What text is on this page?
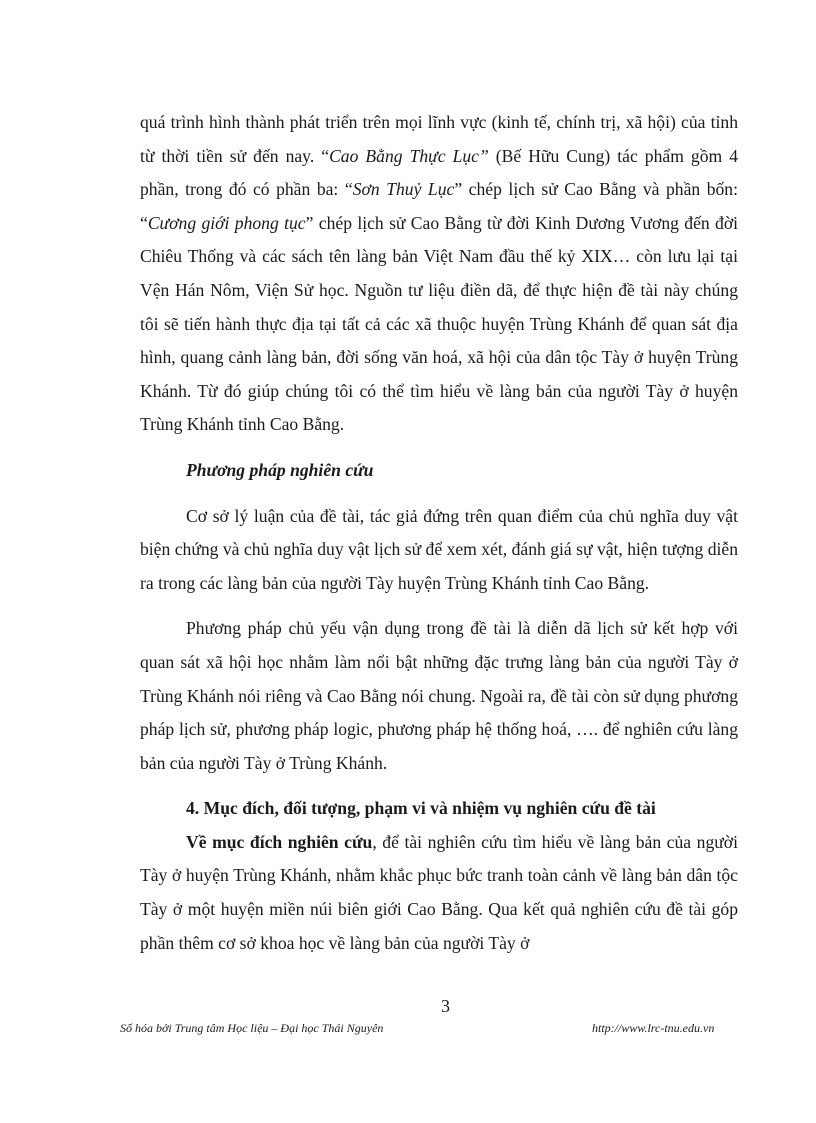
quá trình hình thành phát triển trên mọi lĩnh vực (kinh tế, chính trị, xã hội) của tỉnh từ thời tiền sử đến nay. “Cao Bằng Thực Lục” (Bế Hữu Cung) tác phẩm gồm 4 phần, trong đó có phần ba: “Sơn Thuỷ Lục” chép lịch sử Cao Bằng và phần bốn: “Cương giới phong tục” chép lịch sử Cao Bằng từ đời Kinh Dương Vương đến đời Chiêu Thống và các sách tên làng bản Việt Nam đầu thế kỷ XIX… còn lưu lại tại Vện Hán Nôm, Viện Sử học. Nguồn tư liệu điền dã, để thực hiện đề tài này chúng tôi sẽ tiến hành thực địa tại tất cả các xã thuộc huyện Trùng Khánh để quan sát địa hình, quang cảnh làng bản, đời sống văn hoá, xã hội của dân tộc Tày ở huyện Trùng Khánh. Từ đó giúp chúng tôi có thể tìm hiểu về làng bản của người Tày ở huyện Trùng Khánh tỉnh Cao Bằng.

Phương pháp nghiên cứu

Cơ sở lý luận của đề tài, tác giả đứng trên quan điểm của chủ nghĩa duy vật biện chứng và chủ nghĩa duy vật lịch sử để xem xét, đánh giá sự vật, hiện tượng diễn ra trong các làng bản của người Tày huyện Trùng Khánh tỉnh Cao Bằng.

Phương pháp chủ yếu vận dụng trong đề tài là diễn dã lịch sử kết hợp với quan sát xã hội học nhằm làm nổi bật những đặc trưng làng bản của người Tày ở Trùng Khánh nói riêng và Cao Bằng nói chung. Ngoài ra, đề tài còn sử dụng phương pháp lịch sử, phương pháp logic, phương pháp hệ thống hoá, …. để nghiên cứu làng bản của người Tày ở Trùng Khánh.

4. Mục đích, đối tượng, phạm vi và nhiệm vụ nghiên cứu đề tài

Về mục đích nghiên cứu, để tài nghiên cứu tìm hiểu về làng bản của người Tày ở huyện Trùng Khánh, nhằm khắc phục bức tranh toàn cảnh về làng bản dân tộc Tày ở một huyện miền núi biên giới Cao Bằng. Qua kết quả nghiên cứu đề tài góp phần thêm cơ sở khoa học về làng bản của người Tày ở

3
Số hóa bởi Trung tâm Học liệu – Đại học Thái Nguyên	http://www.lrc-tnu.edu.vn
